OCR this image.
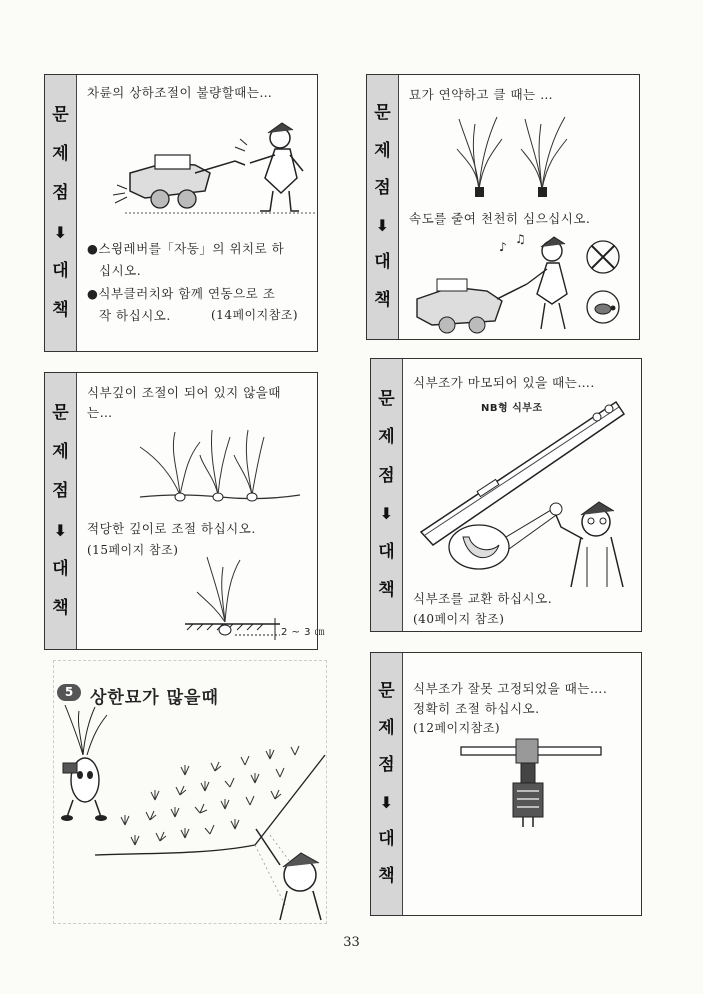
문
제
점
⬇
대
책
차륜의 상하조절이 불량할때는…
●스윙레버를「자동」의 위치로 하
십시오.
●식부클러치와 함께 연동으로 조
작 하십시오.	(14페이지참조)
문
제
점
⬇
대
책
묘가 연약하고 클 때는 …
속도를 줄여 천천히 심으십시오.
♪
♫
문
제
점
⬇
대
책
식부깊이 조절이 되어 있지 않을때
는…
적당한 깊이로 조절 하십시오.
(15페이지 참조)
2 ~ 3 ㎝
문
제
점
⬇
대
책
식부조가 마모되어 있을 때는….
NB형 식부조
식부조를 교환 하십시오.
(40페이지 참조)
5 상한묘가 많을때	문
제
점
⬇
대
책
식부조가 잘못 고정되었을 때는….
정확히 조절 하십시오.
(12페이지참조)
33
